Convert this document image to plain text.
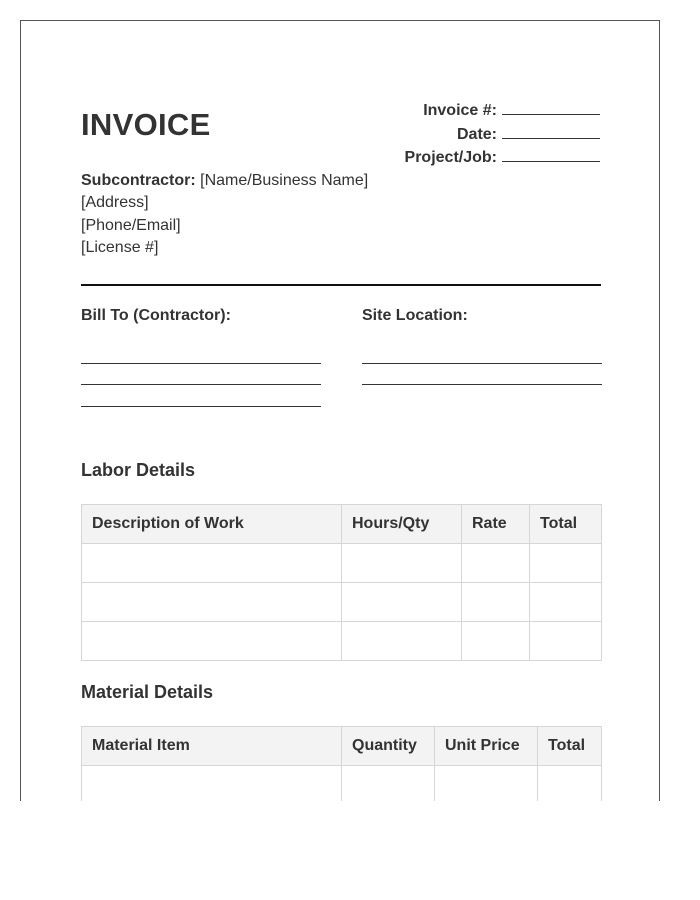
INVOICE	Invoice #:
Date:
Project/Job:
Subcontractor: [Name/Business Name]
[Address]
[Phone/Email]
[License #]
Bill To (Contractor):	Site Location:
Labor Details
Description of Work	Hours/Qty	Rate	Total

Material Details
Material Item	Quantity	Unit Price	Total
